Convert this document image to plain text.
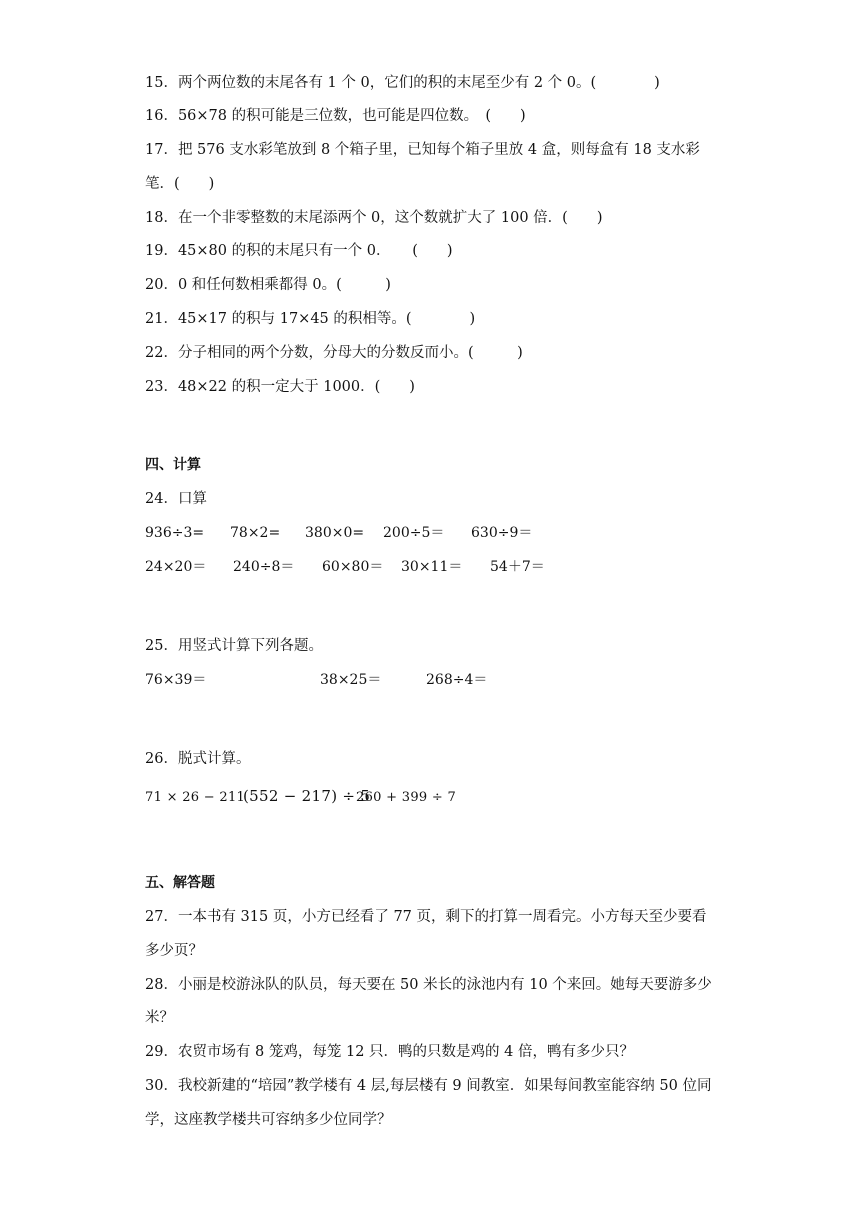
15．两个两位数的末尾各有 1 个 0，它们的积的末尾至少有 2 个 0。(　　　　)
16．56×78 的积可能是三位数，也可能是四位数。　(　　)
17．把 576 支水彩笔放到 8 个箱子里，已知每个箱子里放 4 盒，则每盒有 18 支水彩
笔．(　　)
18．在一个非零整数的末尾添两个 0，这个数就扩大了 100 倍．(　　)
19．45×80 的积的末尾只有一个 0．　　(　　)
20．0 和任何数相乘都得 0。(　　　)
21．45×17 的积与 17×45 的积相等。(　　　　)
22．分子相同的两个分数，分母大的分数反而小。(　　　)
23．48×22 的积一定大于 1000．(　　)
四、计算
24．口算
936÷3= 78×2= 380×0= 200÷5＝ 630÷9＝
24×20＝ 240÷8＝ 60×80＝ 30×11＝ 54＋7＝
25．用竖式计算下列各题。
76×39＝	38×25＝	268÷4＝
26．脱式计算。
71 × 26 − 211
(552 − 217) ÷ 5
260 + 399 ÷ 7
五、解答题
27．一本书有 315 页，小方已经看了 77 页，剩下的打算一周看完。小方每天至少要看
多少页？
28．小丽是校游泳队的队员，每天要在 50 米长的泳池内有 10 个来回。她每天要游多少
米？
29．农贸市场有 8 笼鸡，每笼 12 只．鸭的只数是鸡的 4 倍，鸭有多少只？
30．我校新建的“培园”教学楼有 4 层,每层楼有 9 间教室．如果每间教室能容纳 50 位同
学，这座教学楼共可容纳多少位同学？
